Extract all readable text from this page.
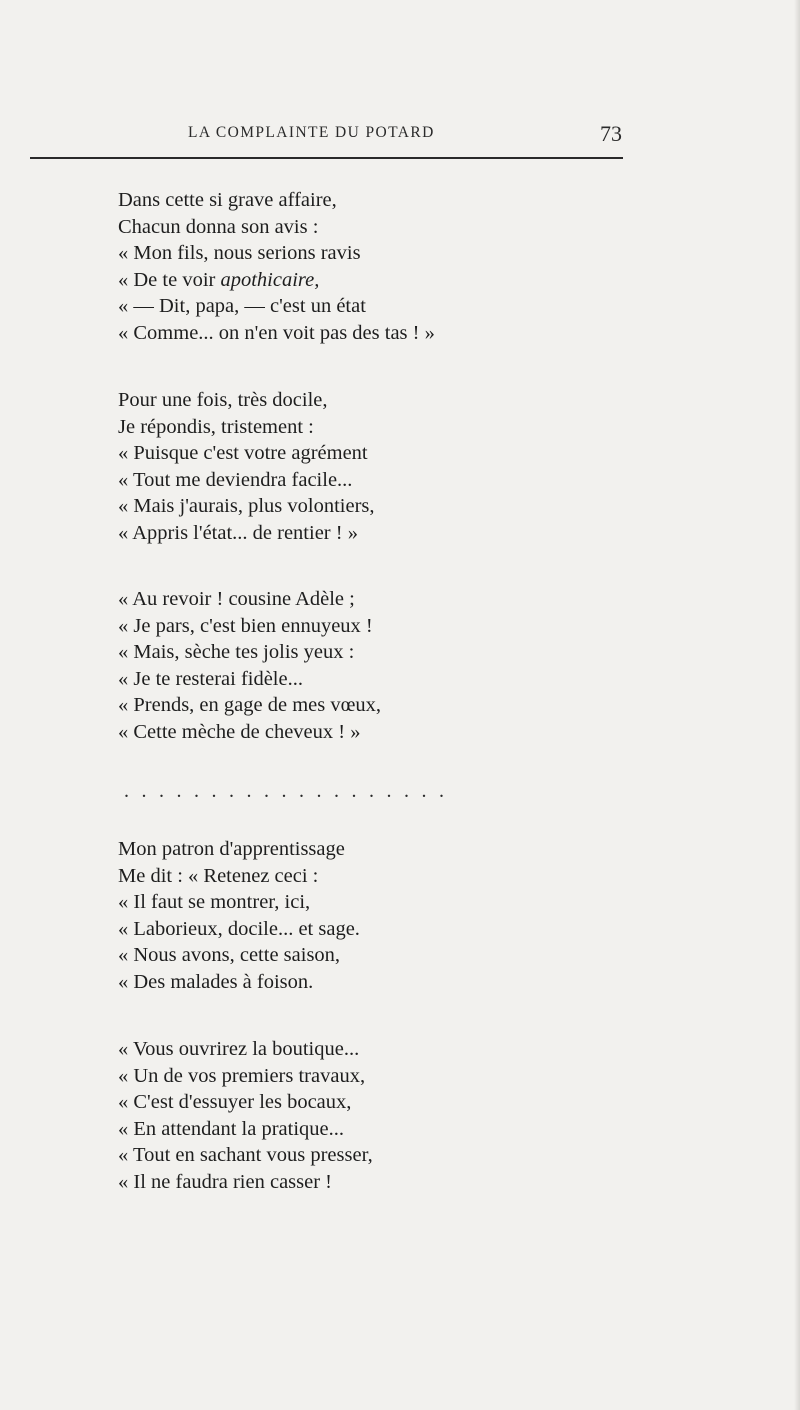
LA COMPLAINTE DU POTARD	73
Dans cette si grave affaire,
Chacun donna son avis :
« Mon fils, nous serions ravis
« De te voir apothicaire,
« — Dit, papa, — c'est un état
« Comme... on n'en voit pas des tas ! »
Pour une fois, très docile,
Je répondis, tristement :
« Puisque c'est votre agrément
« Tout me deviendra facile...
« Mais j'aurais, plus volontiers,
« Appris l'état... de rentier ! »
« Au revoir ! cousine Adèle ;
« Je pars, c'est bien ennuyeux !
« Mais, sèche tes jolis yeux :
« Je te resterai fidèle...
« Prends, en gage de mes vœux,
« Cette mèche de cheveux ! »
...................
Mon patron d'apprentissage
Me dit : « Retenez ceci :
« Il faut se montrer, ici,
« Laborieux, docile... et sage.
« Nous avons, cette saison,
« Des malades à foison.
« Vous ouvrirez la boutique...
« Un de vos premiers travaux,
« C'est d'essuyer les bocaux,
« En attendant la pratique...
« Tout en sachant vous presser,
« Il ne faudra rien casser !
